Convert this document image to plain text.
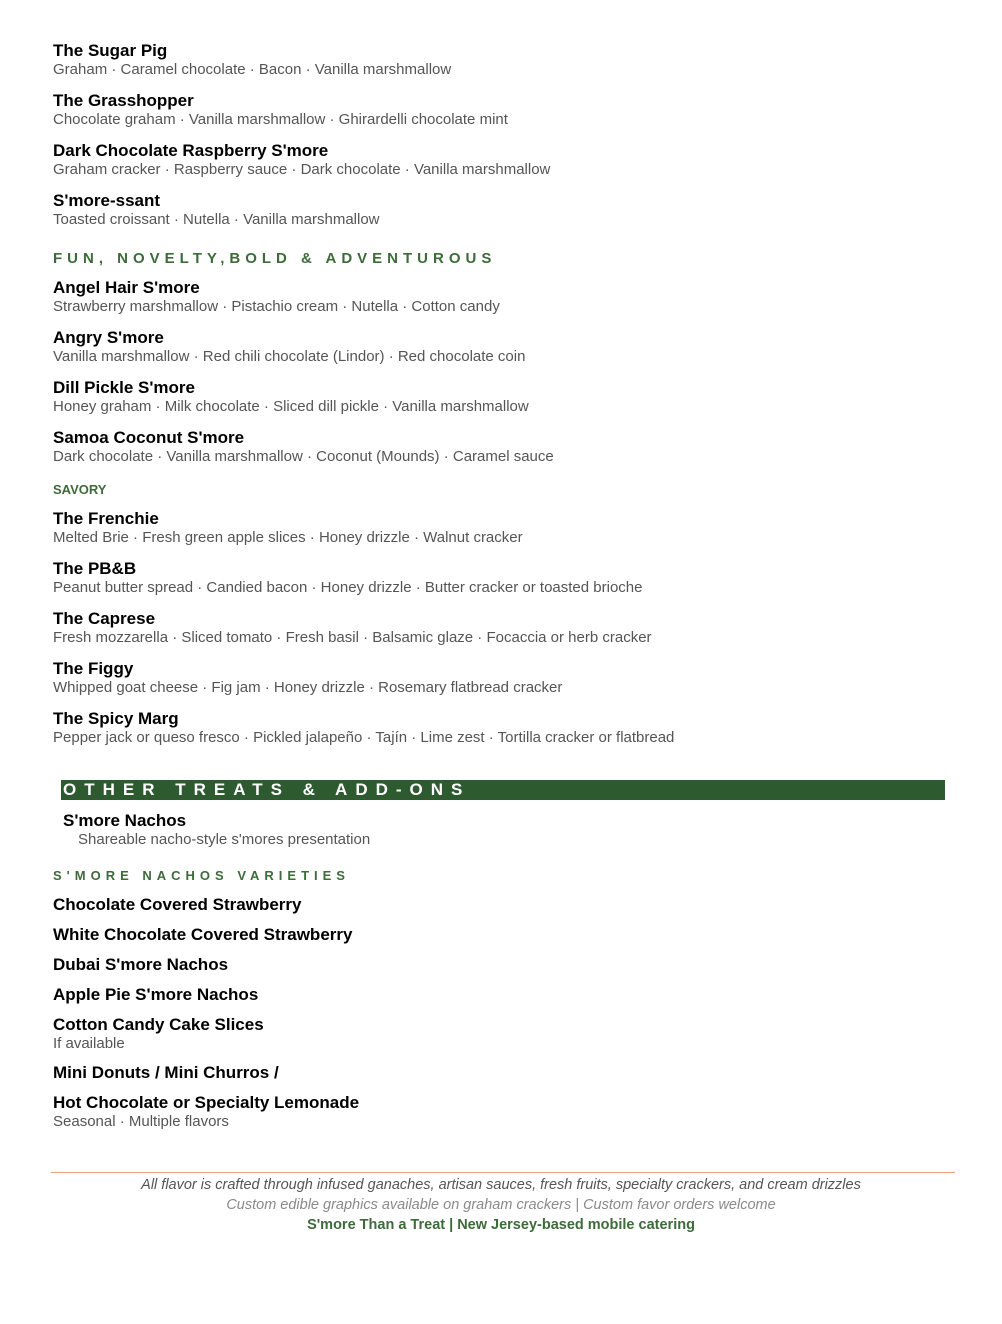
The Sugar Pig
Graham · Caramel chocolate · Bacon · Vanilla marshmallow
The Grasshopper
Chocolate graham · Vanilla marshmallow · Ghirardelli chocolate mint
Dark Chocolate Raspberry S'more
Graham cracker · Raspberry sauce · Dark chocolate · Vanilla marshmallow
S'more-ssant
Toasted croissant · Nutella · Vanilla marshmallow
FUN, NOVELTY,BOLD & ADVENTUROUS
Angel Hair S'more
Strawberry marshmallow · Pistachio cream · Nutella · Cotton candy
Angry S'more
Vanilla marshmallow · Red chili chocolate (Lindor) · Red chocolate coin
Dill Pickle S'more
Honey graham · Milk chocolate · Sliced dill pickle · Vanilla marshmallow
Samoa Coconut S'more
Dark chocolate · Vanilla marshmallow · Coconut (Mounds) · Caramel sauce
SAVORY
The Frenchie
Melted Brie · Fresh green apple slices · Honey drizzle · Walnut cracker
The PB&B
Peanut butter spread · Candied bacon · Honey drizzle · Butter cracker or toasted brioche
The Caprese
Fresh mozzarella · Sliced tomato · Fresh basil · Balsamic glaze · Focaccia or herb cracker
The Figgy
Whipped goat cheese · Fig jam · Honey drizzle · Rosemary flatbread cracker
The Spicy Marg
Pepper jack or queso fresco · Pickled jalapeño · Tajín · Lime zest · Tortilla cracker or flatbread
OTHER TREATS & ADD-ONS
S'more Nachos
Shareable nacho-style s'mores presentation
S'MORE NACHOS VARIETIES
Chocolate Covered Strawberry
White Chocolate Covered Strawberry
Dubai S'more Nachos
Apple Pie S'more Nachos
Cotton Candy Cake Slices
If available
Mini Donuts / Mini Churros /
Hot Chocolate or Specialty Lemonade
Seasonal · Multiple flavors
All flavor is crafted through infused ganaches, artisan sauces, fresh fruits, specialty crackers, and cream drizzles
Custom edible graphics available on graham crackers | Custom favor orders welcome
S'more Than a Treat | New Jersey-based mobile catering
